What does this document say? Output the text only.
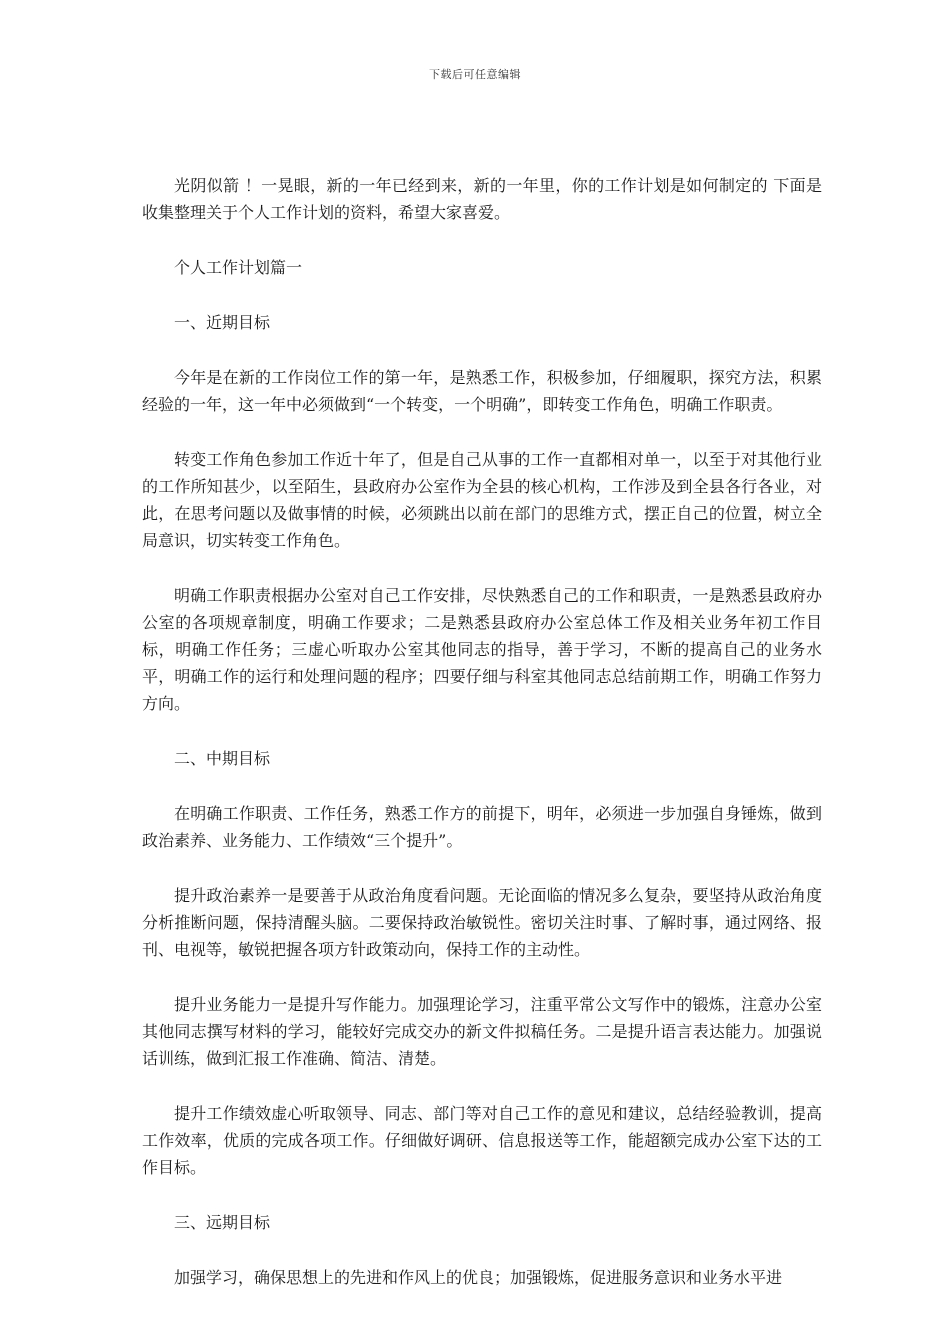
下载后可任意编辑

光阴似箭 ！一晃眼，新的一年已经到来，新的一年里，你的工作计划是如何制定的 下面是收集整理关于个人工作计划的资料，希望大家喜爱。

个人工作计划篇一

一、近期目标

今年是在新的工作岗位工作的第一年，是熟悉工作，积极参加，仔细履职，探究方法，积累经验的一年，这一年中必须做到“一个转变，一个明确”，即转变工作角色，明确工作职责。

转变工作角色参加工作近十年了，但是自己从事的工作一直都相对单一，以至于对其他行业的工作所知甚少，以至陌生，县政府办公室作为全县的核心机构，工作涉及到全县各行各业，对此，在思考问题以及做事情的时候，必须跳出以前在部门的思维方式，摆正自己的位置，树立全局意识，切实转变工作角色。

明确工作职责根据办公室对自己工作安排，尽快熟悉自己的工作和职责，一是熟悉县政府办公室的各项规章制度，明确工作要求；二是熟悉县政府办公室总体工作及相关业务年初工作目标，明确工作任务；三虚心听取办公室其他同志的指导，善于学习，不断的提高自己的业务水平，明确工作的运行和处理问题的程序；四要仔细与科室其他同志总结前期工作，明确工作努力方向。

二、中期目标

在明确工作职责、工作任务，熟悉工作方的前提下，明年，必须进一步加强自身锤炼，做到政治素养、业务能力、工作绩效“三个提升”。

提升政治素养一是要善于从政治角度看问题。无论面临的情况多么复杂，要坚持从政治角度分析推断问题，保持清醒头脑。二要保持政治敏锐性。密切关注时事、了解时事，通过网络、报刊、电视等，敏锐把握各项方针政策动向，保持工作的主动性。

提升业务能力一是提升写作能力。加强理论学习，注重平常公文写作中的锻炼，注意办公室其他同志撰写材料的学习，能较好完成交办的新文件拟稿任务。二是提升语言表达能力。加强说话训练，做到汇报工作准确、简洁、清楚。

提升工作绩效虚心听取领导、同志、部门等对自己工作的意见和建议，总结经验教训，提高工作效率，优质的完成各项工作。仔细做好调研、信息报送等工作，能超额完成办公室下达的工作目标。

三、远期目标

加强学习，确保思想上的先进和作风上的优良；加强锻炼，促进服务意识和业务水平进
